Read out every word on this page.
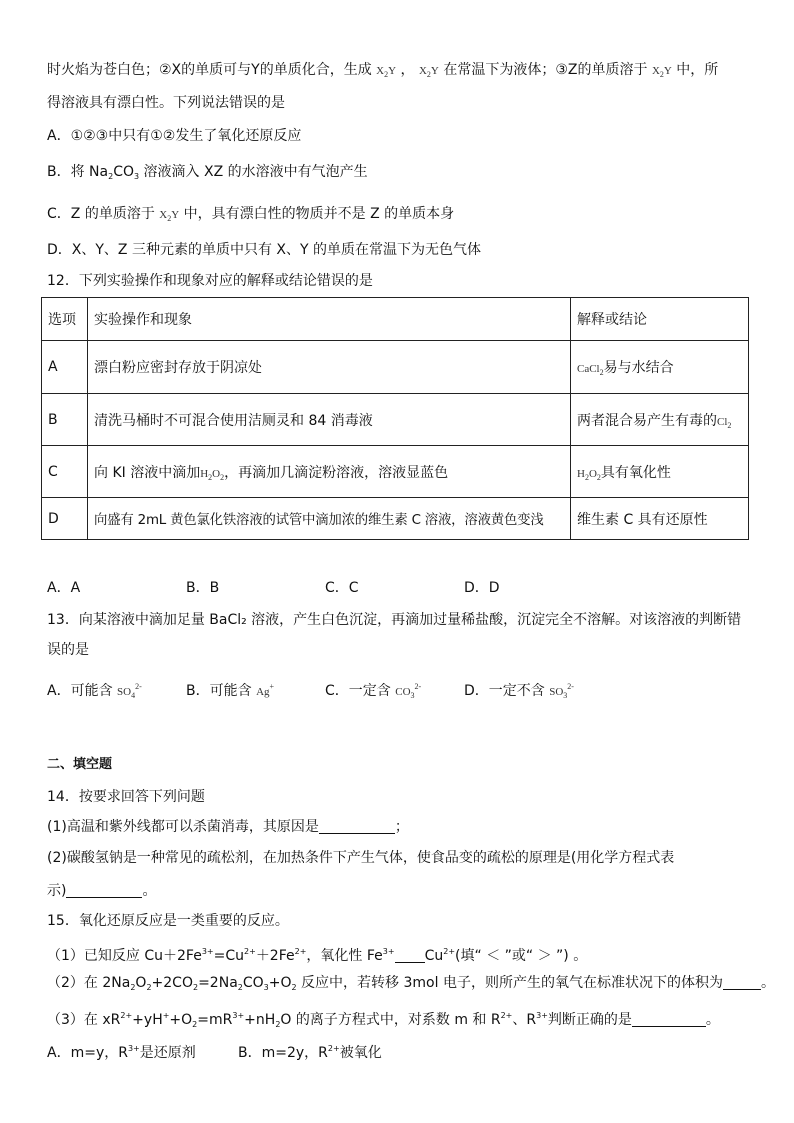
时火焰为苍白色；②X的单质可与Y的单质化合，生成 $X_2Y$ ， $X_2Y$ 在常温下为液体；③Z的单质溶于 $X_2Y$ 中，所
得溶液具有漂白性。下列说法错误的是
A．①②③中只有①②发生了氧化还原反应
B．将 $Na_2CO_3$ 溶液滴入 XZ 的水溶液中有气泡产生
C．Z 的单质溶于 $X_2Y$ 中，具有漂白性的物质并不是 Z 的单质本身
D．X、Y、Z 三种元素的单质中只有 X、Y 的单质在常温下为无色气体
12．下列实验操作和现象对应的解释或结论错误的是
选项	实验操作和现象	解释或结论
A	漂白粉应密封存放于阴凉处	CaCl$_2$易与水结合
B	清洗马桶时不可混合使用洁厕灵和 84 消毒液	两者混合易产生有毒的$Cl_2$
C	向 KI 溶液中滴加$H_2O_2$，再滴加几滴淀粉溶液，溶液显蓝色	$H_2O_2$具有氧化性
D	向盛有 2mL 黄色氯化铁溶液的试管中滴加浓的维生素 C 溶液，溶液黄色变浅	维生素 C 具有还原性
A．A	B．B	C．C	D．D
13．向某溶液中滴加足量 BaCl₂ 溶液，产生白色沉淀，再滴加过量稀盐酸，沉淀完全不溶解。对该溶液的判断错
误的是
A．可能含 $SO_4^{2-}$	B．可能含 Ag+	C．一定含 $CO_3^{2-}$	D．一定不含 $SO_3^{2-}$
二、填空题
14．按要求回答下列问题
(1)高温和紫外线都可以杀菌消毒，其原因是	；
(2)碳酸氢钠是一种常见的疏松剂，在加热条件下产生气体，使食品变的疏松的原理是(用化学方程式表
示)	。
15．氧化还原反应是一类重要的反应。
（1）已知反应 $Cu+2Fe^{3+}=Cu^{2+}+2Fe^{2+}$，氧化性 $Fe^{3+}$ $Cu^{2+}$(填“ ＜ ”或“ ＞ ”) 。
（2）在 $2Na_2O_2+2CO_2=2Na_2CO_3+O_2$ 反应中，若转移 3mol 电子，则所产生的氧气在标准状况下的体积为	。
（3）在 $xR^{2+}+yH^++O_2=mR^{3+}+nH_2O$ 的离子方程式中，对系数 m 和 $R^{2+}$、$R^{3+}$判断正确的是	。
A．m=y，$R^{3+}$是还原剂	B．m=2y，$R^{2+}$被氧化
